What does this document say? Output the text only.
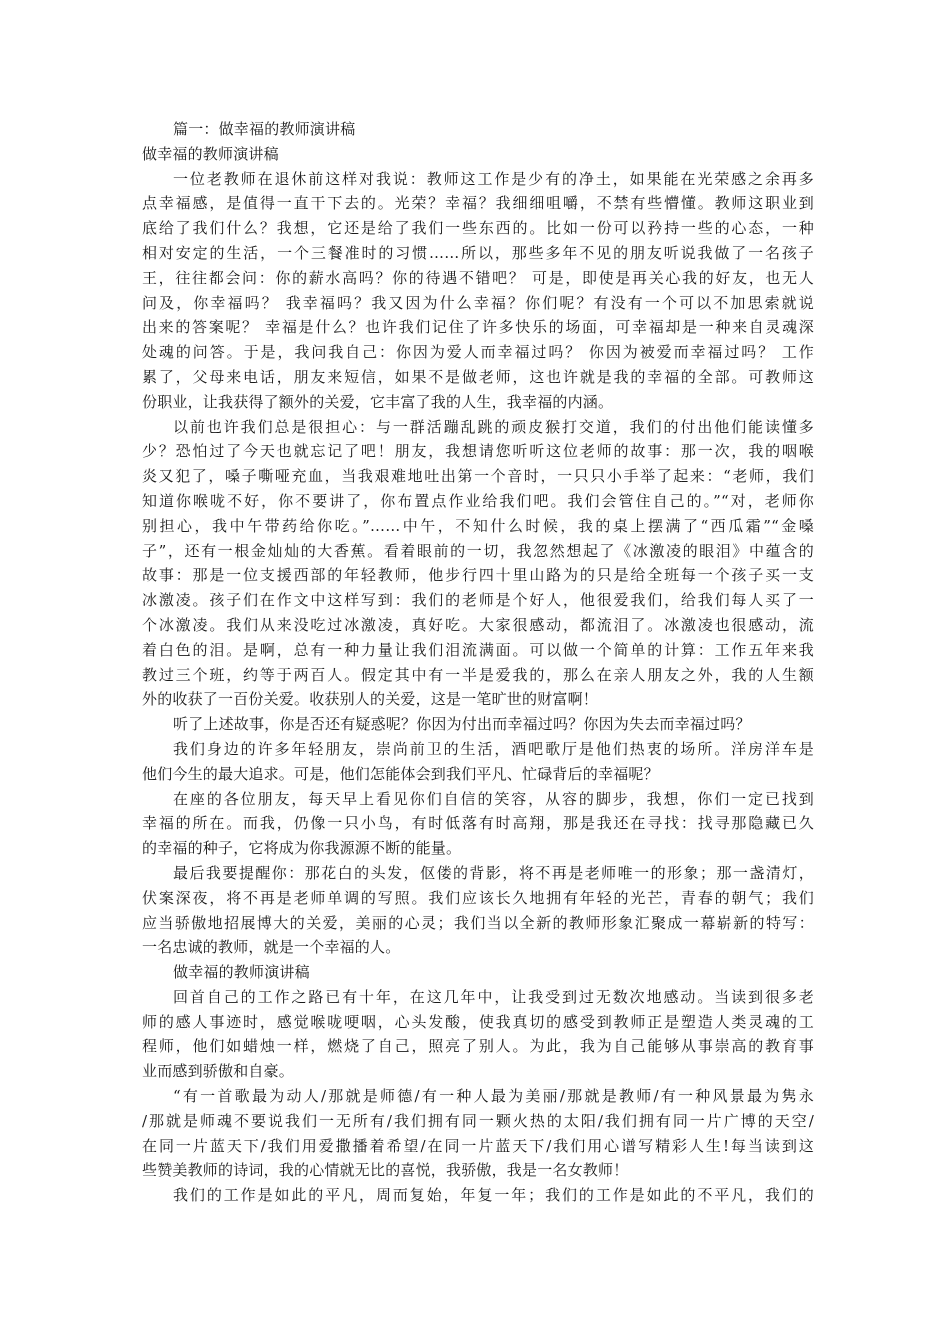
篇一：做幸福的教师演讲稿
做幸福的教师演讲稿
一位老教师在退休前这样对我说：教师这工作是少有的净土，如果能在光荣感之余再多
点幸福感，是值得一直干下去的。光荣？幸福？我细细咀嚼，不禁有些懵懂。教师这职业到
底给了我们什么？我想，它还是给了我们一些东西的。比如一份可以矜持一些的心态，一种
相对安定的生活，一个三餐准时的习惯……所以，那些多年不见的朋友听说我做了一名孩子
王，往往都会问：你的薪水高吗？你的待遇不错吧？ 可是，即使是再关心我的好友，也无人
问及，你幸福吗？ 我幸福吗？我又因为什么幸福？你们呢？有没有一个可以不加思索就说
出来的答案呢？ 幸福是什么？也许我们记住了许多快乐的场面，可幸福却是一种来自灵魂深
处魂的问答。于是，我问我自己：你因为爱人而幸福过吗？ 你因为被爱而幸福过吗？ 工作
累了，父母来电话，朋友来短信，如果不是做老师，这也许就是我的幸福的全部。可教师这
份职业，让我获得了额外的关爱，它丰富了我的人生，我幸福的内涵。
以前也许我们总是很担心：与一群活蹦乱跳的顽皮猴打交道，我们的付出他们能读懂多
少？恐怕过了今天也就忘记了吧！朋友，我想请您听听这位老师的故事：那一次，我的咽喉
炎又犯了，嗓子嘶哑充血，当我艰难地吐出第一个音时，一只只小手举了起来：“老师，我们
知道你喉咙不好，你不要讲了，你布置点作业给我们吧。我们会管住自己的。”“对，老师你
别担心，我中午带药给你吃。”……中午，不知什么时候，我的桌上摆满了“西瓜霜”“金嗓
子”，还有一根金灿灿的大香蕉。看着眼前的一切，我忽然想起了《冰激凌的眼泪》中蕴含的
故事：那是一位支援西部的年轻教师，他步行四十里山路为的只是给全班每一个孩子买一支
冰激凌。孩子们在作文中这样写到：我们的老师是个好人，他很爱我们，给我们每人买了一
个冰激凌。我们从来没吃过冰激凌，真好吃。大家很感动，都流泪了。冰激凌也很感动，流
着白色的泪。是啊，总有一种力量让我们泪流满面。可以做一个简单的计算：工作五年来我
教过三个班，约等于两百人。假定其中有一半是爱我的，那么在亲人朋友之外，我的人生额
外的收获了一百份关爱。收获别人的关爱，这是一笔旷世的财富啊！
听了上述故事，你是否还有疑惑呢？你因为付出而幸福过吗？你因为失去而幸福过吗？
我们身边的许多年轻朋友，崇尚前卫的生活，酒吧歌厅是他们热衷的场所。洋房洋车是
他们今生的最大追求。可是，他们怎能体会到我们平凡、忙碌背后的幸福呢？
在座的各位朋友，每天早上看见你们自信的笑容，从容的脚步，我想，你们一定已找到
幸福的所在。而我，仍像一只小鸟，有时低落有时高翔，那是我还在寻找：找寻那隐藏已久
的幸福的种子，它将成为你我源源不断的能量。
最后我要提醒你：那花白的头发，伛偻的背影，将不再是老师唯一的形象；那一盏清灯，
伏案深夜，将不再是老师单调的写照。我们应该长久地拥有年轻的光芒，青春的朝气；我们
应当骄傲地招展博大的关爱，美丽的心灵；我们当以全新的教师形象汇聚成一幕崭新的特写：
一名忠诚的教师，就是一个幸福的人。
做幸福的教师演讲稿
回首自己的工作之路已有十年，在这几年中，让我受到过无数次地感动。当读到很多老
师的感人事迹时，感觉喉咙哽咽，心头发酸，使我真切的感受到教师正是塑造人类灵魂的工
程师，他们如蜡烛一样，燃烧了自己，照亮了别人。为此，我为自己能够从事崇高的教育事
业而感到骄傲和自豪。
“有一首歌最为动人/那就是师德/有一种人最为美丽/那就是教师/有一种风景最为隽永
/那就是师魂不要说我们一无所有/我们拥有同一颗火热的太阳/我们拥有同一片广博的天空/
在同一片蓝天下/我们用爱撒播着希望/在同一片蓝天下/我们用心谱写精彩人生!每当读到这
些赞美教师的诗词，我的心情就无比的喜悦，我骄傲，我是一名女教师！
我们的工作是如此的平凡，周而复始，年复一年；我们的工作是如此的不平凡，我们的
